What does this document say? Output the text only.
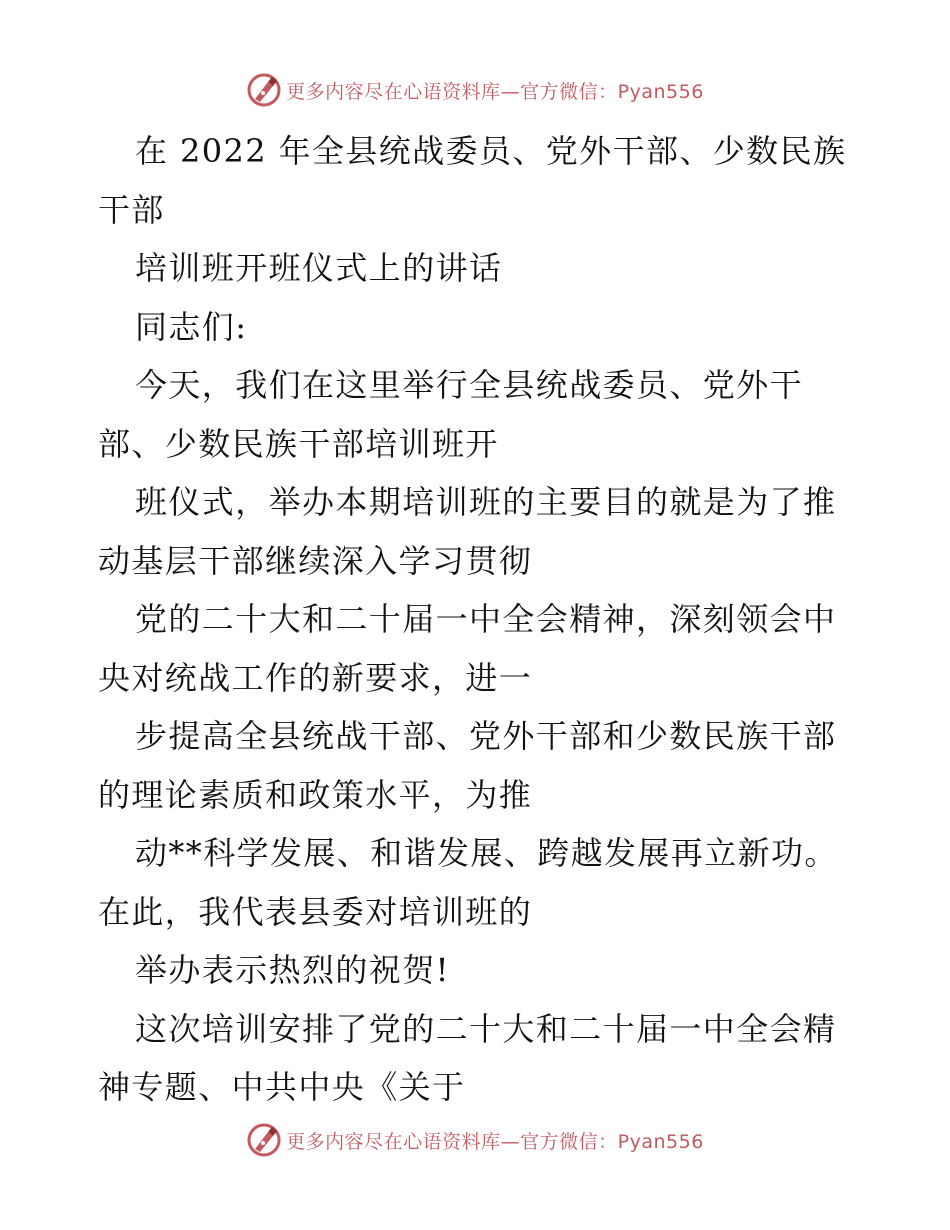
更多内容尽在心语资料库—官方微信：Pyan556
在 2022 年全县统战委员、党外干部、少数民族
干部
培训班开班仪式上的讲话
同志们:
今天，我们在这里举行全县统战委员、党外干
部、少数民族干部培训班开
班仪式，举办本期培训班的主要目的就是为了推
动基层干部继续深入学习贯彻
党的二十大和二十届一中全会精神，深刻领会中
央对统战工作的新要求，进一
步提高全县统战干部、党外干部和少数民族干部
的理论素质和政策水平，为推
动**科学发展、和谐发展、跨越发展再立新功。
在此，我代表县委对培训班的
举办表示热烈的祝贺!
这次培训安排了党的二十大和二十届一中全会精
神专题、中共中央《关于
更多内容尽在心语资料库—官方微信：Pyan556
